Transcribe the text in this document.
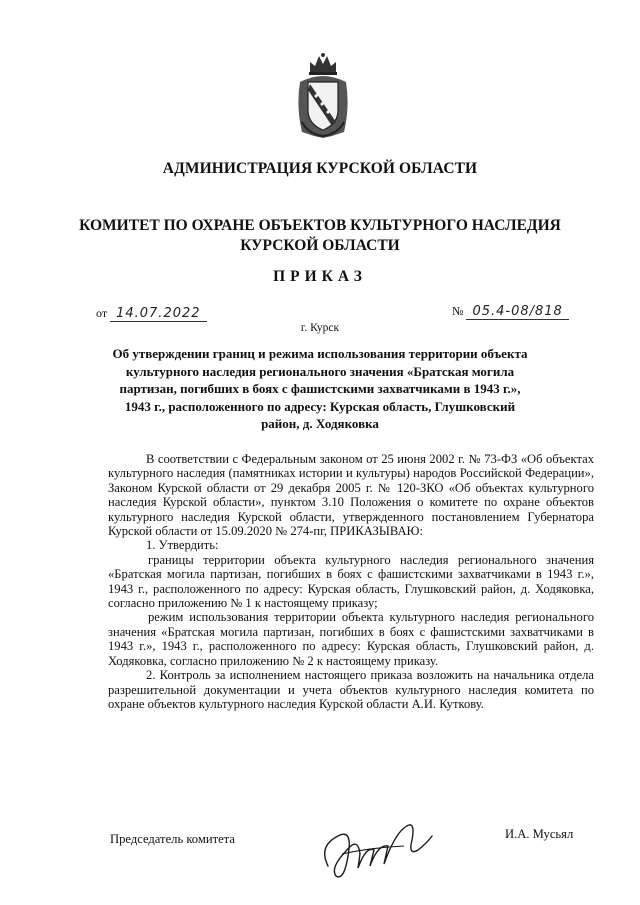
АДМИНИСТРАЦИЯ КУРСКОЙ ОБЛАСТИ
КОМИТЕТ ПО ОХРАНЕ ОБЪЕКТОВ КУЛЬТУРНОГО НАСЛЕДИЯ
КУРСКОЙ ОБЛАСТИ
ПРИКАЗ
от 14.07.2022	№ 05.4-08/818
г. Курск
Об утверждении границ и режима использования территории объекта культурного наследия регионального значения «Братская могила партизан, погибших в боях с фашистскими захватчиками в 1943 г.», 1943 г., расположенного по адресу: Курская область, Глушковский район, д. Ходяковка

В соответствии с Федеральным законом от 25 июня 2002 г. № 73-ФЗ «Об объектах культурного наследия (памятниках истории и культуры) народов Российской Федерации», Законом Курской области от 29 декабря 2005 г. № 120-ЗКО «Об объектах культурного наследия Курской области», пунктом 3.10 Положения о комитете по охране объектов культурного наследия Курской области, утвержденного постановлением Губернатора Курской области от 15.09.2020 № 274-пг, ПРИКАЗЫВАЮ:

1. Утвердить:

границы территории объекта культурного наследия регионального значения «Братская могила партизан, погибших в боях с фашистскими захватчиками в 1943 г.», 1943 г., расположенного по адресу: Курская область, Глушковский район, д. Ходяковка, согласно приложению № 1 к настоящему приказу;

режим использования территории объекта культурного наследия регионального значения «Братская могила партизан, погибших в боях с фашистскими захватчиками в 1943 г.», 1943 г., расположенного по адресу: Курская область, Глушковский район, д. Ходяковка, согласно приложению № 2 к настоящему приказу.

2. Контроль за исполнением настоящего приказа возложить на начальника отдела разрешительной документации и учета объектов культурного наследия комитета по охране объектов культурного наследия Курской области А.И. Куткову.

Председатель комитета	И.А. Мусьял
